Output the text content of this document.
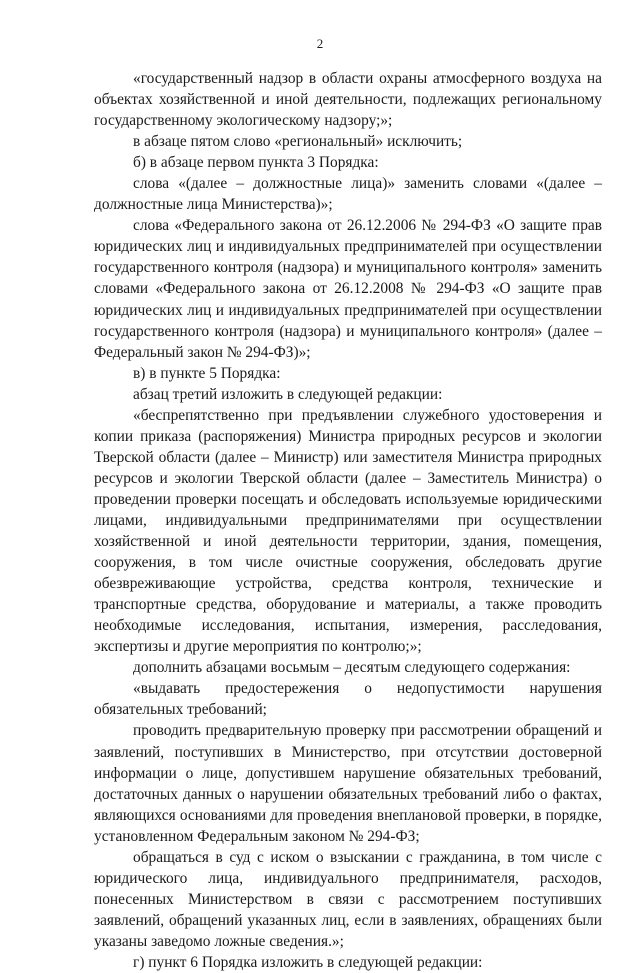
2

«государственный надзор в области охраны атмосферного воздуха на объектах хозяйственной и иной деятельности, подлежащих региональному государственному экологическому надзору;»;

в абзаце пятом слово «региональный» исключить;

б) в абзаце первом пункта 3 Порядка:

слова «(далее – должностные лица)» заменить словами «(далее – должностные лица Министерства)»;

слова «Федерального закона от 26.12.2006 № 294-ФЗ «О защите прав юридических лиц и индивидуальных предпринимателей при осуществлении государственного контроля (надзора) и муниципального контроля» заменить словами «Федерального закона от 26.12.2008 № 294-ФЗ «О защите прав юридических лиц и индивидуальных предпринимателей при осуществлении государственного контроля (надзора) и муниципального контроля» (далее – Федеральный закон № 294-ФЗ)»;

в) в пункте 5 Порядка:

абзац третий изложить в следующей редакции:

«беспрепятственно при предъявлении служебного удостоверения и копии приказа (распоряжения) Министра природных ресурсов и экологии Тверской области (далее – Министр) или заместителя Министра природных ресурсов и экологии Тверской области (далее – Заместитель Министра) о проведении проверки посещать и обследовать используемые юридическими лицами, индивидуальными предпринимателями при осуществлении хозяйственной и иной деятельности территории, здания, помещения, сооружения, в том числе очистные сооружения, обследовать другие обезвреживающие устройства, средства контроля, технические и транспортные средства, оборудование и материалы, а также проводить необходимые исследования, испытания, измерения, расследования, экспертизы и другие мероприятия по контролю;»;

дополнить абзацами восьмым – десятым следующего содержания:

«выдавать предостережения о недопустимости нарушения обязательных требований;

проводить предварительную проверку при рассмотрении обращений и заявлений, поступивших в Министерство, при отсутствии достоверной информации о лице, допустившем нарушение обязательных требований, достаточных данных о нарушении обязательных требований либо о фактах, являющихся основаниями для проведения внеплановой проверки, в порядке, установленном Федеральным законом № 294-ФЗ;

обращаться в суд с иском о взыскании с гражданина, в том числе с юридического лица, индивидуального предпринимателя, расходов, понесенных Министерством в связи с рассмотрением поступивших заявлений, обращений указанных лиц, если в заявлениях, обращениях были указаны заведомо ложные сведения.»;

г) пункт 6 Порядка изложить в следующей редакции:
